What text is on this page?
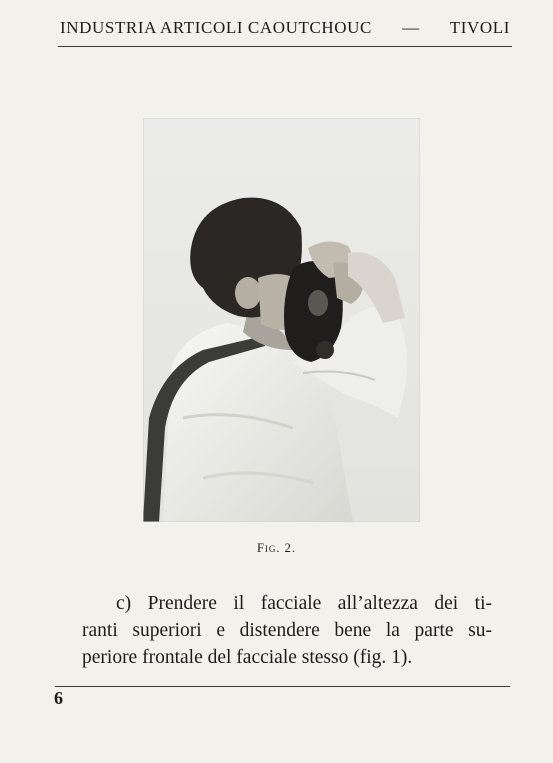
INDUSTRIA ARTICOLI CAOUTCHOUC — TIVOLI
Fig. 2.
c) Prendere il facciale all’altezza dei ti-
ranti superiori e distendere bene la parte su-
periore frontale del facciale stesso (fig. 1).
6
